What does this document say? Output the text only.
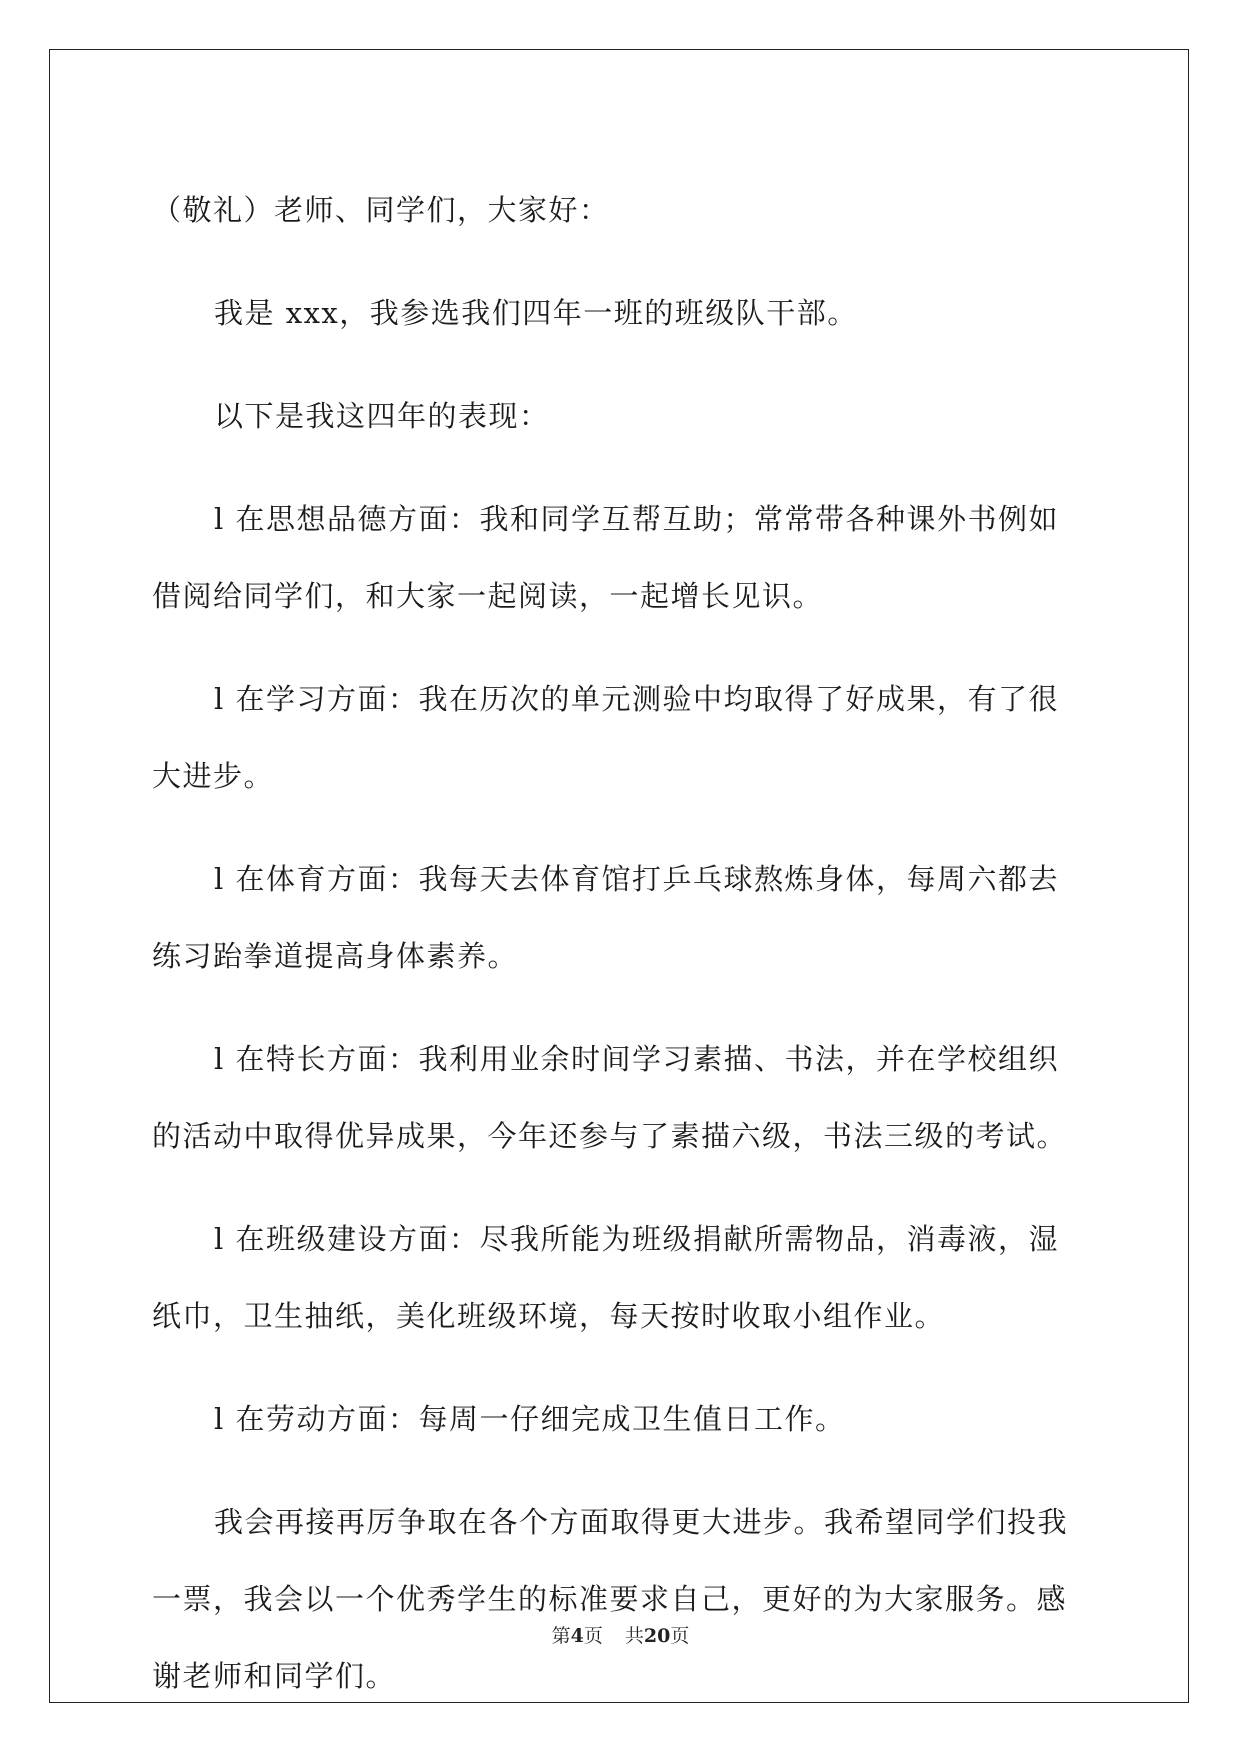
（敬礼）老师、同学们，大家好：
我是 xxx，我参选我们四年一班的班级队干部。
以下是我这四年的表现：
l 在思想品德方面：我和同学互帮互助；常常带各种课外书例如
借阅给同学们，和大家一起阅读，一起增长见识。
l 在学习方面：我在历次的单元测验中均取得了好成果，有了很
大进步。
l 在体育方面：我每天去体育馆打乒乓球熬炼身体，每周六都去
练习跆拳道提高身体素养。
l 在特长方面：我利用业余时间学习素描、书法，并在学校组织
的活动中取得优异成果，今年还参与了素描六级，书法三级的考试。
l 在班级建设方面：尽我所能为班级捐献所需物品，消毒液，湿
纸巾，卫生抽纸，美化班级环境，每天按时收取小组作业。
l 在劳动方面：每周一仔细完成卫生值日工作。
我会再接再厉争取在各个方面取得更大进步。我希望同学们投我
一票，我会以一个优秀学生的标准要求自己，更好的为大家服务。感
谢老师和同学们。
第4页 共20页
